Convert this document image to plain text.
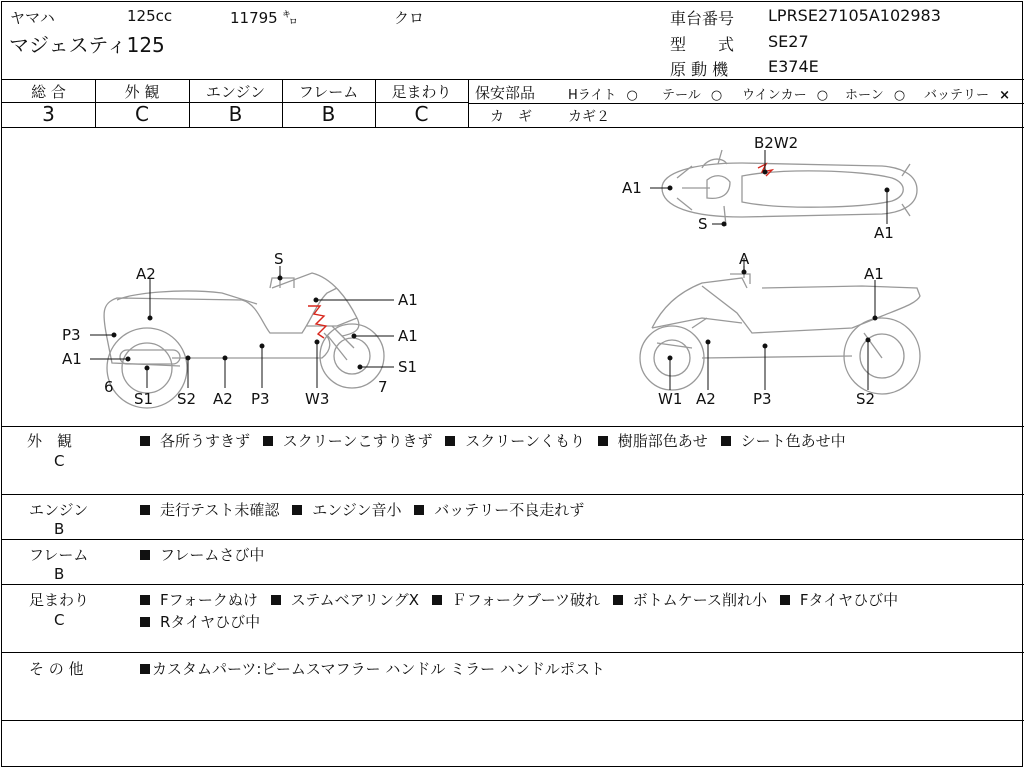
ヤマハ	125cc	11795 ㌔	クロ
マジェスティ125
車台番号 LPRSE27105A102983
型　　式 SE27
原 動 機 E374E
総 合
3
外 観
C
エンジン
B
フレーム
B
足まわり
C
保安部品	Hライト ○ テール ○ ウインカー ○ ホーン ○ バッテリー ×
カ　ギ	カギ２
B2W2
A1
S	A1
S
A2
A1
P3	A1
A1	S1
6	7
S1 S2 A2 P3 W3
A
A1
W1 A2 P3	S2
外　観
C
各所うすきず スクリーンこすりきず スクリーンくもり 樹脂部色あせ シート色あせ中
エンジン
B
走行テスト未確認 エンジン音小 バッテリー不良走れず
フレーム
B
フレームさび中
足まわり
C
Fフォークぬけ ステムベアリングX Ｆフォークブーツ破れ ボトムケース削れ小 Fタイヤひび中
Rタイヤひび中
そ の 他	カスタムパーツ:ビームスマフラー ハンドル ミラー ハンドルポスト
